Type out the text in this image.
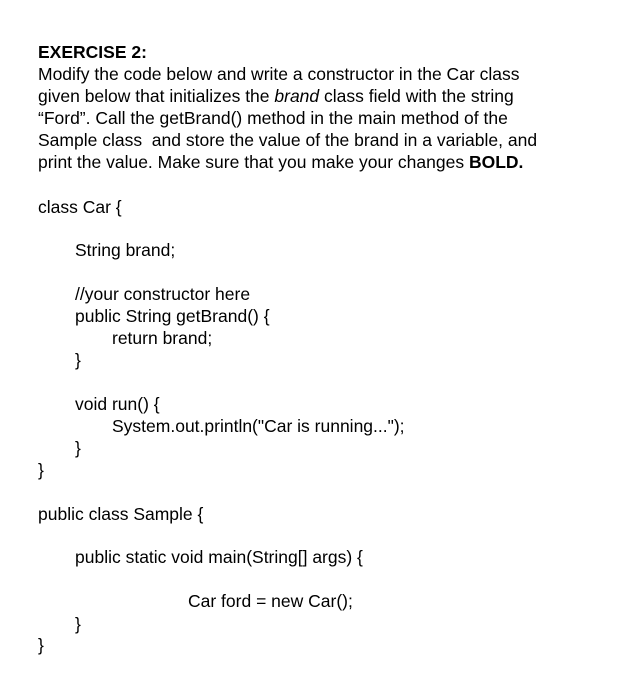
EXERCISE 2:
Modify the code below and write a constructor in the Car class
given below that initializes the brand class field with the string
“Ford”. Call the getBrand() method in the main method of the
Sample class  and store the value of the brand in a variable, and
print the value. Make sure that you make your changes BOLD.
class Car {
String brand;
//your constructor here
public String getBrand() {
return brand;
}
void run() {
System.out.println("Car is running...");
}
}
public class Sample {
public static void main(String[] args) {
Car ford = new Car();
}
}
